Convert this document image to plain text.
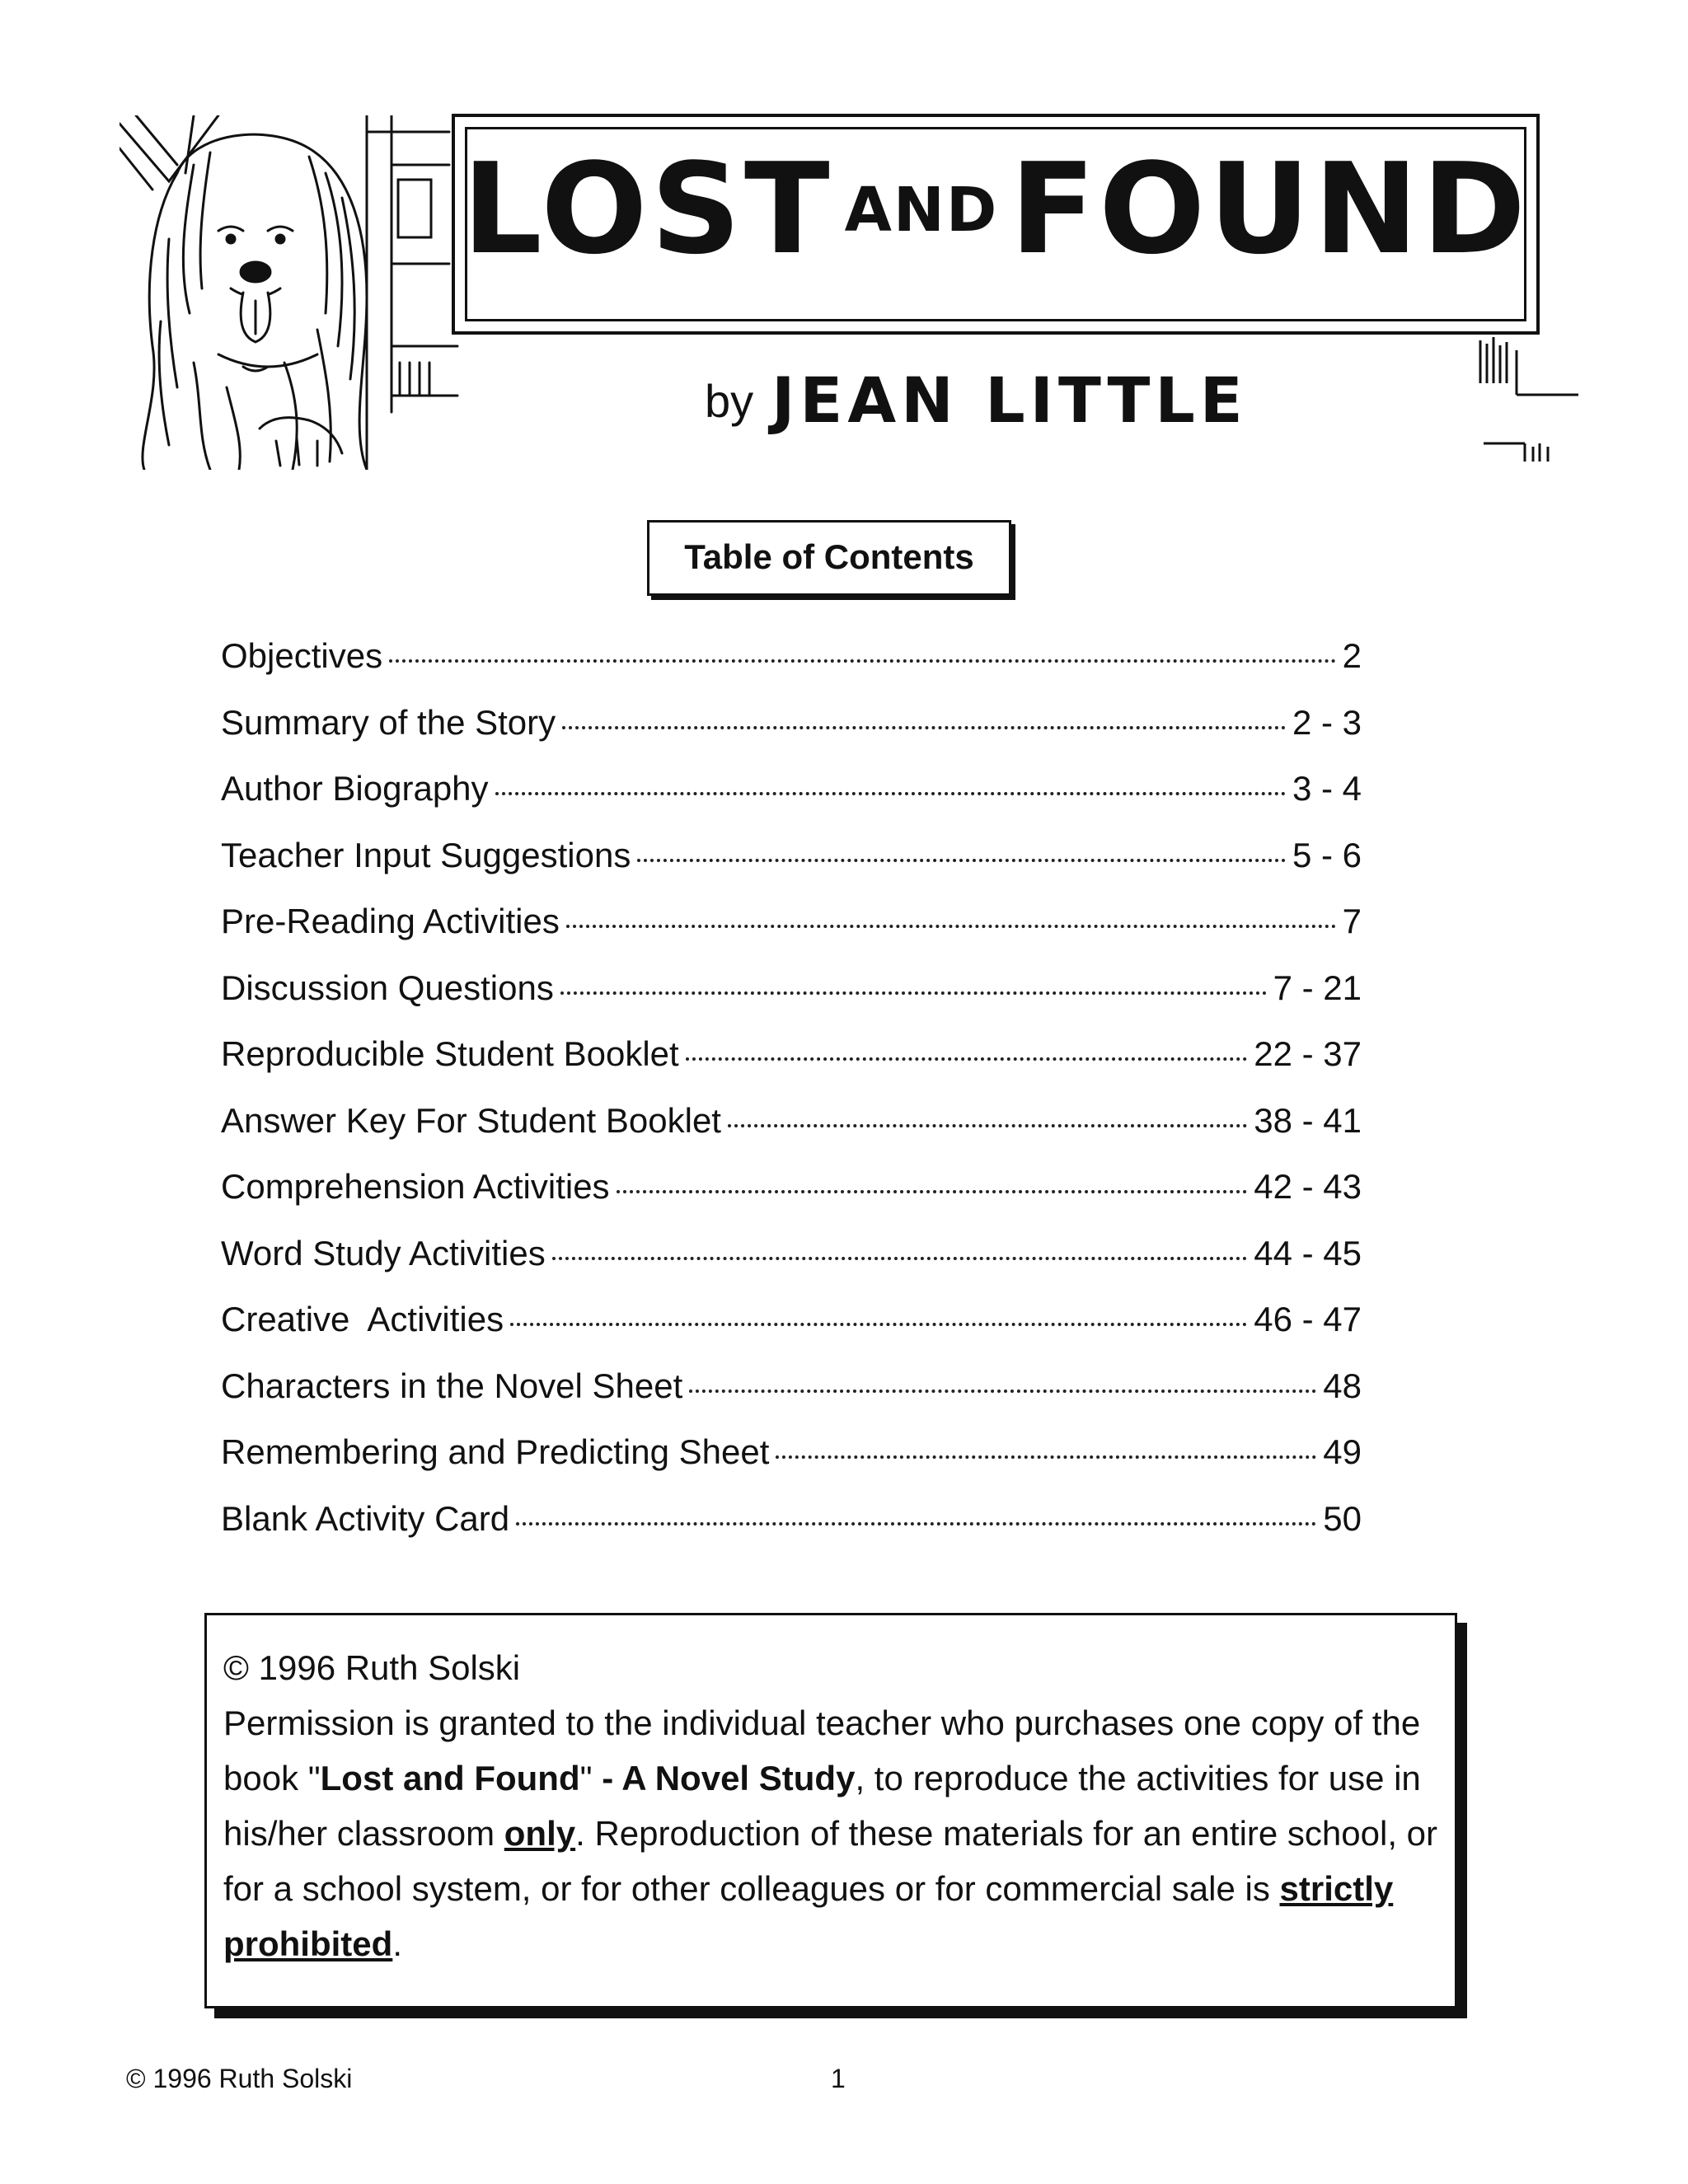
LOST ANDFOUND
by JEAN LITTLE
Table of Contents
Objectives	2
Summary of the Story	2 - 3
Author Biography	3 - 4
Teacher Input Suggestions	5 - 6
Pre-Reading Activities	7
Discussion Questions	7 - 21
Reproducible Student Booklet	22 - 37
Answer Key For Student Booklet	38 - 41
Comprehension Activities	42 - 43
Word Study Activities	44 - 45
Creative  Activities	46 - 47
Characters in the Novel Sheet	48
Remembering and Predicting Sheet	49
Blank Activity Card	50

© 1996 Ruth Solski

Permission is granted to the individual teacher who purchases one copy of the book "Lost and Found" - A Novel Study, to reproduce the activities for use in his/her classroom only. Reproduction of these materials for an entire school, or for a school system, or for other colleagues or for commercial sale is strictly prohibited.

© 1996 Ruth Solski	1
